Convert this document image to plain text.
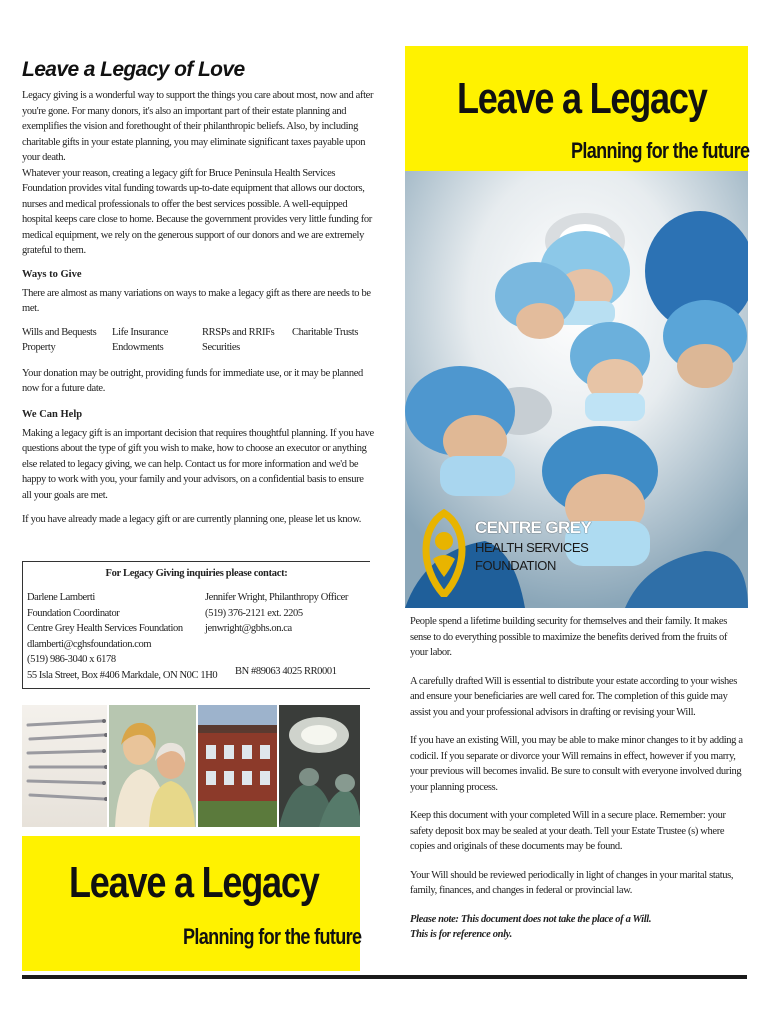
Leave a Legacy of Love

Legacy giving is a wonderful way to support the things you care about most, now and after you're gone. For many donors, it's also an important part of their estate planning and exemplifies the vision and forethought of their philanthropic beliefs. Also, by including charitable gifts in your estate planning, you may eliminate significant taxes payable upon your death.

Whatever your reason, creating a legacy gift for Bruce Peninsula Health Services Foundation provides vital funding towards up-to-date equipment that allows our doctors, nurses and medical professionals to offer the best services possible. A well-equipped hospital keeps care close to home. Because the government provides very little funding for medical equipment, we rely on the generous support of our donors and we are extremely grateful to them.

Ways to Give

There are almost as many variations on ways to make a legacy gift as there are needs to be met.

Wills and Bequests
Property
Life Insurance
Endowments
RRSPs and RRIFs
Securities
Charitable Trusts

Your donation may be outright, providing funds for immediate use, or it may be planned now for a future date.

We Can Help

Making a legacy gift is an important decision that requires thoughtful planning. If you have questions about the type of gift you wish to make, how to choose an executor or anything else related to legacy giving, we can help. Contact us for more information and we'd be happy to work with you, your family and your advisors, on a confidential basis to ensure all your goals are met.

If you have already made a legacy gift or are currently planning one, please let us know.

For Legacy Giving inquiries please contact:
Darlene Lamberti
Foundation Coordinator
Centre Grey Health Services Foundation
dlamberti@cghsfoundation.com
(519) 986-3040 x 6178
55 Isla Street, Box #406 Markdale, ON N0C 1H0
Jennifer Wright, Philanthropy Officer
(519) 376-2121 ext. 2205
jenwright@gbhs.on.ca
BN #89063 4025 RR0001
Leave a Legacy
Planning for the future
Leave a Legacy
Planning for the future
CENTRE GREY
HEALTH SERVICES
FOUNDATION

People spend a lifetime building security for themselves and their family. It makes sense to do everything possible to maximize the benefits derived from the fruits of your labor.

A carefully drafted Will is essential to distribute your estate according to your wishes and ensure your beneficiaries are well cared for. The completion of this guide may assist you and your professional advisors in drafting or revising your Will.

If you have an existing Will, you may be able to make minor changes to it by adding a codicil. If you separate or divorce your Will remains in effect, however if you marry, your previous will becomes invalid. Be sure to consult with everyone involved during your planning process.

Keep this document with your completed Will in a secure place. Remember: your safety deposit box may be sealed at your death. Tell your Estate Trustee (s) where copies and originals of these documents may be found.

Your Will should be reviewed periodically in light of changes in your marital status, family, finances, and changes in federal or provincial law.

Please note: This document does not take the place of a Will.
This is for reference only.
